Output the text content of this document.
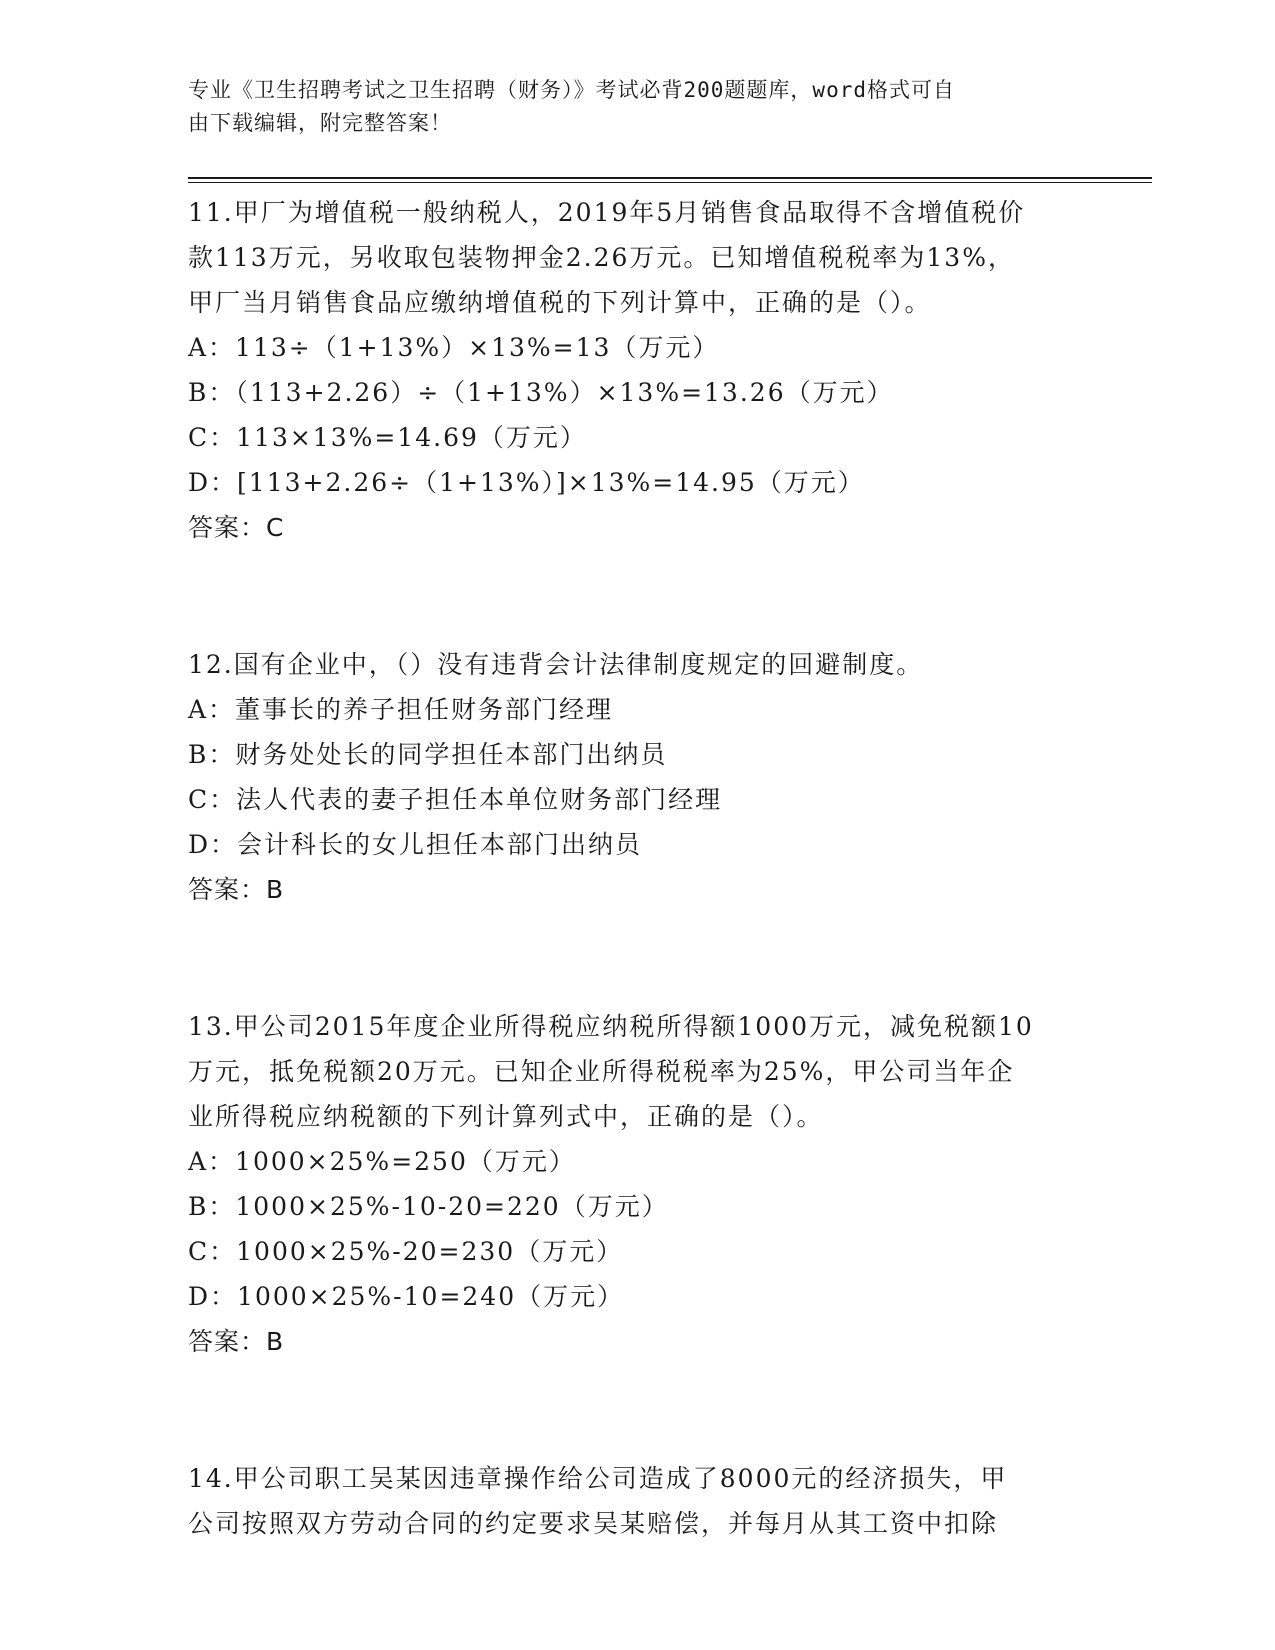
专业《卫生招聘考试之卫生招聘（财务）》考试必背200题题库，word格式可自
由下载编辑，附完整答案！
11.甲厂为增值税一般纳税人，2019年5月销售食品取得不含增值税价
款113万元，另收取包装物押金2.26万元。已知增值税税率为13%，
甲厂当月销售食品应缴纳增值税的下列计算中，正确的是（）。
A：113÷（1+13%）×13%=13（万元）
B：（113+2.26）÷（1+13%）×13%=13.26（万元）
C：113×13%=14.69（万元）
D：[113+2.26÷（1+13%）]×13%=14.95（万元）
答案：C
12.国有企业中，（）没有违背会计法律制度规定的回避制度。
A：董事长的养子担任财务部门经理
B：财务处处长的同学担任本部门出纳员
C：法人代表的妻子担任本单位财务部门经理
D：会计科长的女儿担任本部门出纳员
答案：B
13.甲公司2015年度企业所得税应纳税所得额1000万元，减免税额10
万元，抵免税额20万元。已知企业所得税税率为25%，甲公司当年企
业所得税应纳税额的下列计算列式中，正确的是（）。
A：1000×25%=250（万元）
B：1000×25%-10-20=220（万元）
C：1000×25%-20=230（万元）
D：1000×25%-10=240（万元）
答案：B
14.甲公司职工吴某因违章操作给公司造成了8000元的经济损失，甲
公司按照双方劳动合同的约定要求吴某赔偿，并每月从其工资中扣除
